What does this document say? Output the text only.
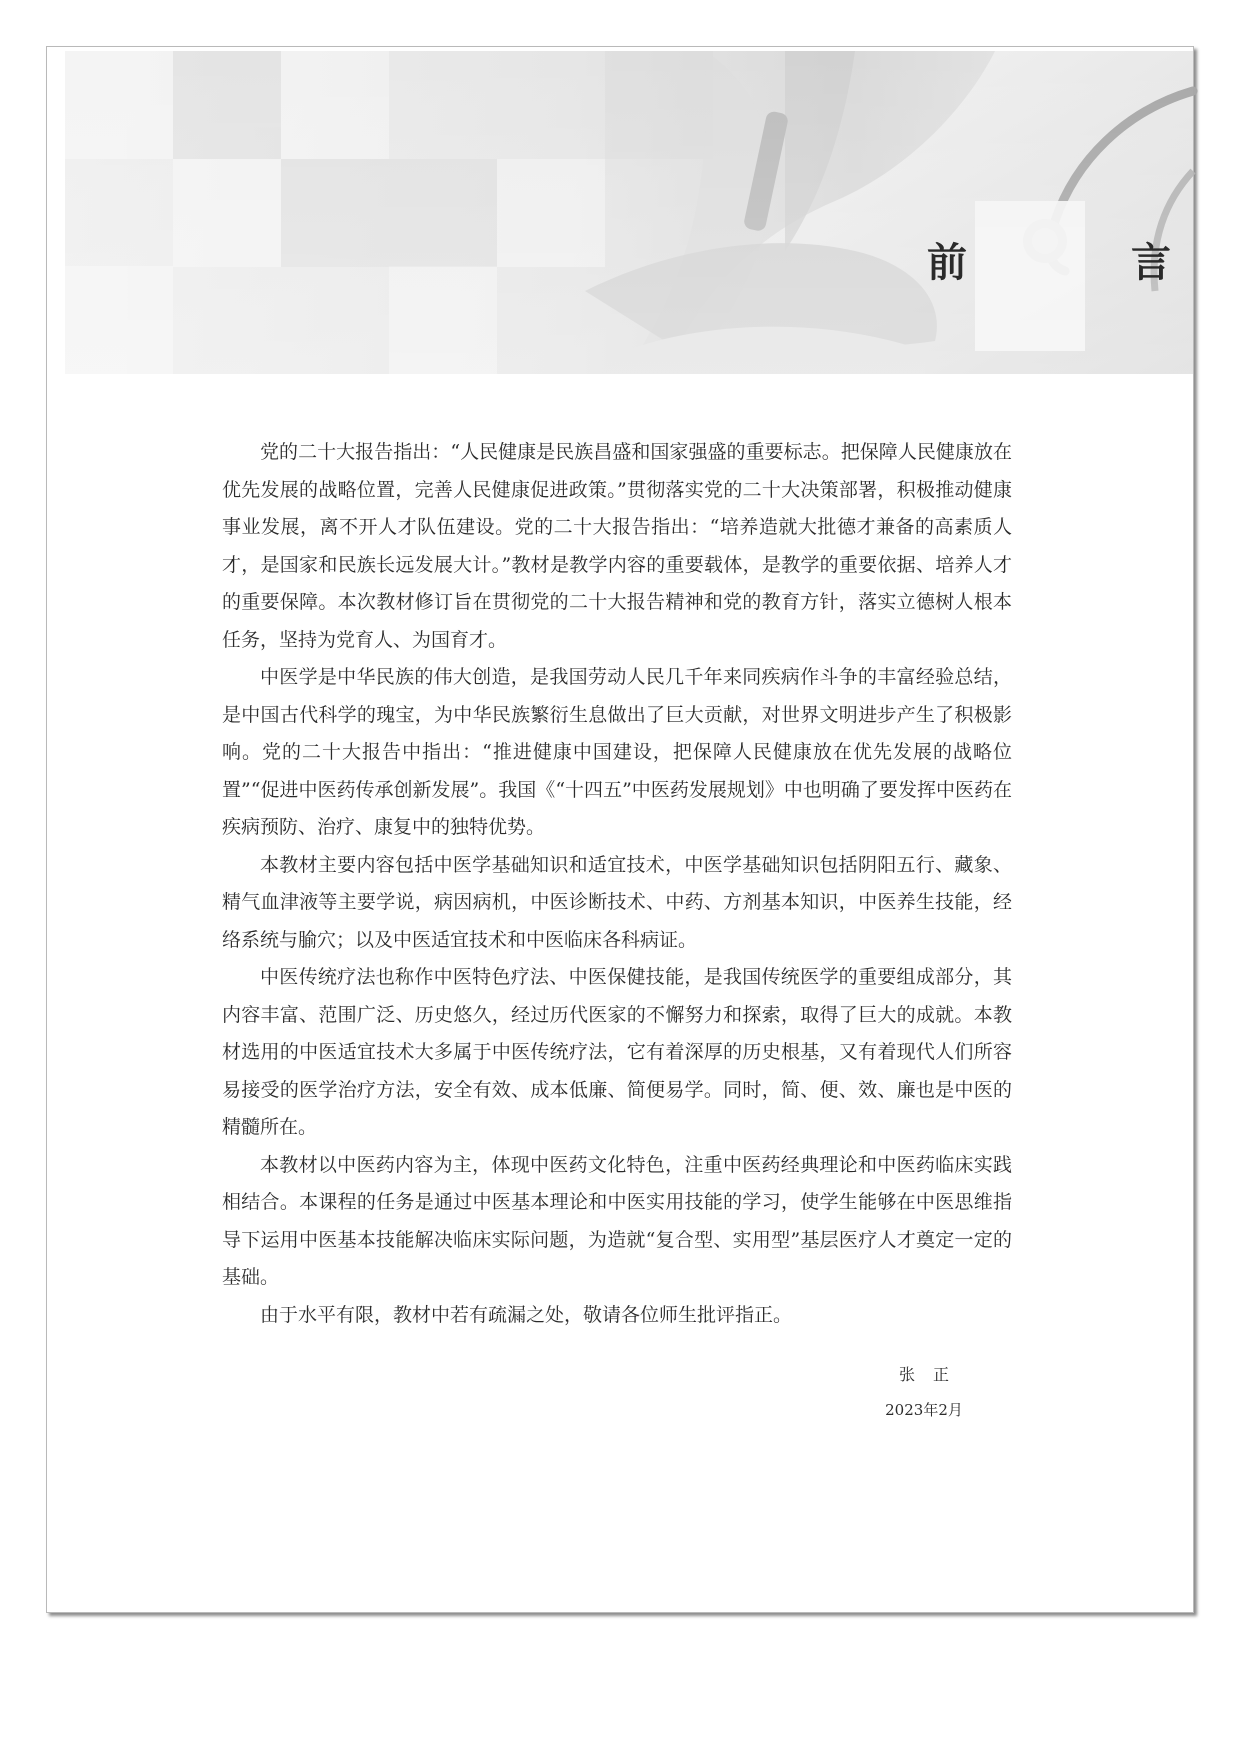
前　言

党的二十大报告指出：“人民健康是民族昌盛和国家强盛的重要标志。把保障人民健康放在优先发展的战略位置，完善人民健康促进政策。”贯彻落实党的二十大决策部署，积极推动健康事业发展，离不开人才队伍建设。党的二十大报告指出：“培养造就大批德才兼备的高素质人才，是国家和民族长远发展大计。”教材是教学内容的重要载体，是教学的重要依据、培养人才的重要保障。本次教材修订旨在贯彻党的二十大报告精神和党的教育方针，落实立德树人根本任务，坚持为党育人、为国育才。

中医学是中华民族的伟大创造，是我国劳动人民几千年来同疾病作斗争的丰富经验总结，是中国古代科学的瑰宝，为中华民族繁衍生息做出了巨大贡献，对世界文明进步产生了积极影响。党的二十大报告中指出：“推进健康中国建设，把保障人民健康放在优先发展的战略位置”“促进中医药传承创新发展”。我国《“十四五”中医药发展规划》中也明确了要发挥中医药在疾病预防、治疗、康复中的独特优势。

本教材主要内容包括中医学基础知识和适宜技术，中医学基础知识包括阴阳五行、藏象、精气血津液等主要学说，病因病机，中医诊断技术、中药、方剂基本知识，中医养生技能，经络系统与腧穴；以及中医适宜技术和中医临床各科病证。

中医传统疗法也称作中医特色疗法、中医保健技能，是我国传统医学的重要组成部分，其内容丰富、范围广泛、历史悠久，经过历代医家的不懈努力和探索，取得了巨大的成就。本教材选用的中医适宜技术大多属于中医传统疗法，它有着深厚的历史根基，又有着现代人们所容易接受的医学治疗方法，安全有效、成本低廉、简便易学。同时，简、便、效、廉也是中医的精髓所在。

本教材以中医药内容为主，体现中医药文化特色，注重中医药经典理论和中医药临床实践相结合。本课程的任务是通过中医基本理论和中医实用技能的学习，使学生能够在中医思维指导下运用中医基本技能解决临床实际问题，为造就“复合型、实用型”基层医疗人才奠定一定的基础。

由于水平有限，教材中若有疏漏之处，敬请各位师生批评指正。

张正
2023年2月
